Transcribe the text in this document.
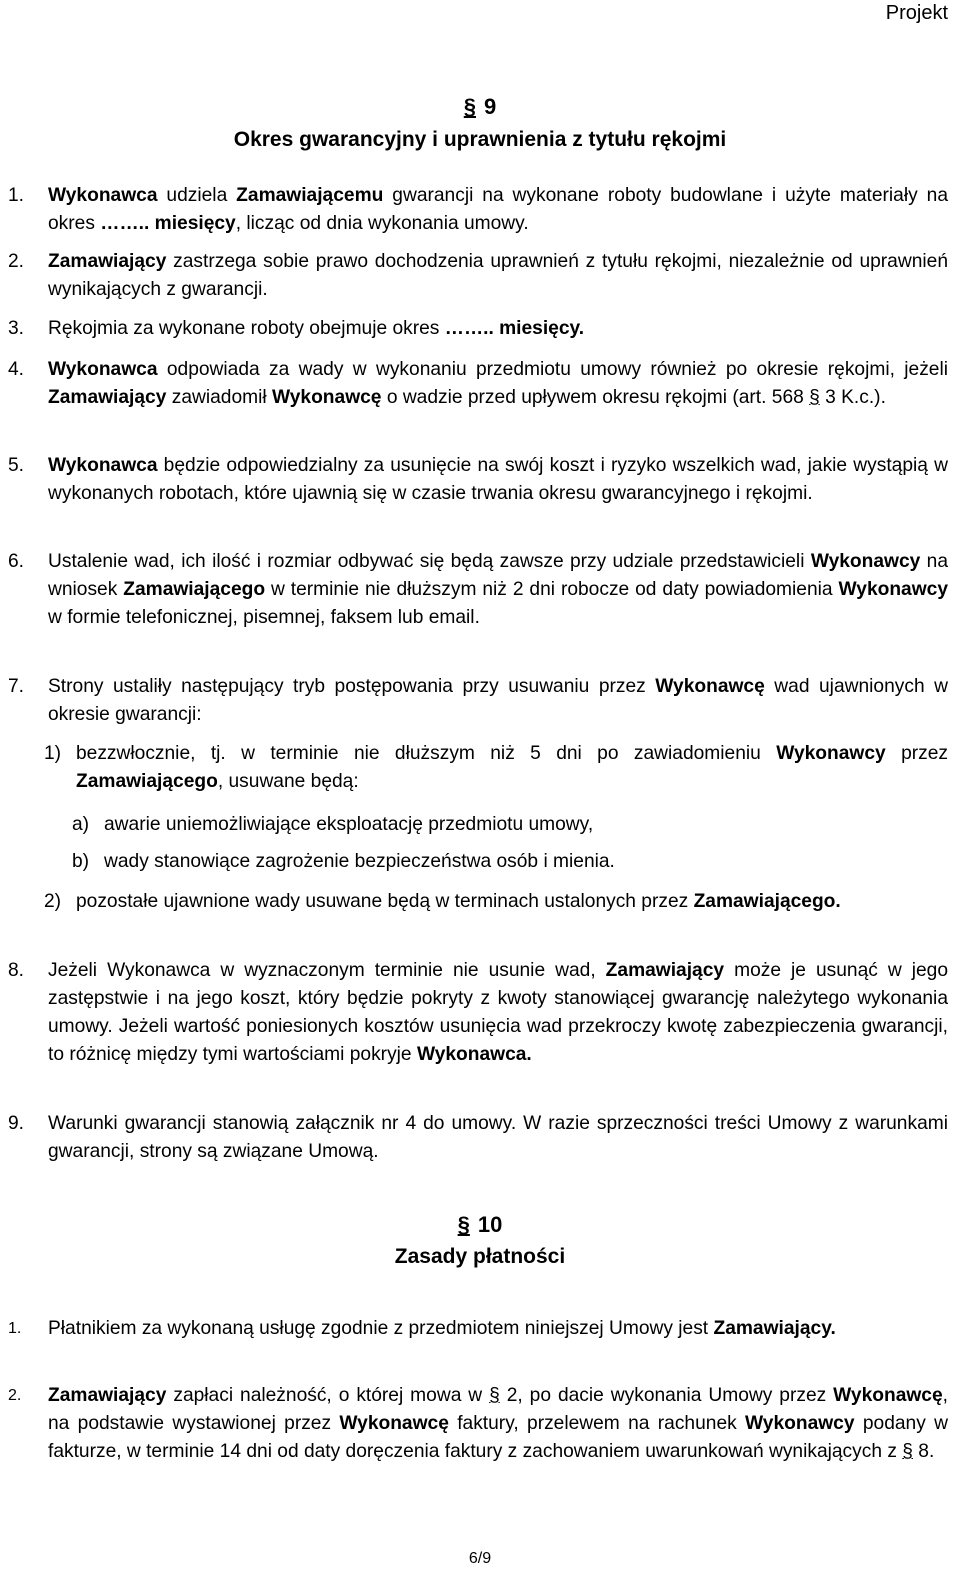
Projekt
§ 9
Okres gwarancyjny i uprawnienia z tytułu rękojmi
1. Wykonawca udziela Zamawiającemu gwarancji na wykonane roboty budowlane i użyte materiały na okres …….. miesięcy, licząc od dnia wykonania umowy.
2. Zamawiający zastrzega sobie prawo dochodzenia uprawnień z tytułu rękojmi, niezależnie od uprawnień wynikających z gwarancji.
3. Rękojmia za wykonane roboty obejmuje okres …….. miesięcy.
4. Wykonawca odpowiada za wady w wykonaniu przedmiotu umowy również po okresie rękojmi, jeżeli Zamawiający zawiadomił Wykonawcę o wadzie przed upływem okresu rękojmi (art. 568 § 3 K.c.).
5. Wykonawca będzie odpowiedzialny za usunięcie na swój koszt i ryzyko wszelkich wad, jakie wystąpią w wykonanych robotach, które ujawnią się w czasie trwania okresu gwarancyjnego i rękojmi.
6. Ustalenie wad, ich ilość i rozmiar odbywać się będą zawsze przy udziale przedstawicieli Wykonawcy na wniosek Zamawiającego w terminie nie dłuższym niż 2 dni robocze od daty powiadomienia Wykonawcy w formie telefonicznej, pisemnej, faksem lub email.
7. Strony ustaliły następujący tryb postępowania przy usuwaniu przez Wykonawcę wad ujawnionych w okresie gwarancji:
1) bezzwłocznie, tj. w terminie nie dłuższym niż 5 dni po zawiadomieniu Wykonawcy przez Zamawiającego, usuwane będą:
a) awarie uniemożliwiające eksploatację przedmiotu umowy,
b) wady stanowiące zagrożenie bezpieczeństwa osób i mienia.
2) pozostałe ujawnione wady usuwane będą w terminach ustalonych przez Zamawiającego.
8. Jeżeli Wykonawca w wyznaczonym terminie nie usunie wad, Zamawiający może je usunąć w jego zastępstwie i na jego koszt, który będzie pokryty z kwoty stanowiącej gwarancję należytego wykonania umowy. Jeżeli wartość poniesionych kosztów usunięcia wad przekroczy kwotę zabezpieczenia gwarancji, to różnicę między tymi wartościami pokryje Wykonawca.
9. Warunki gwarancji stanowią załącznik nr 4 do umowy. W razie sprzeczności treści Umowy z warunkami gwarancji, strony są związane Umową.
§ 10
Zasady płatności
1. Płatnikiem za wykonaną usługę zgodnie z przedmiotem niniejszej Umowy jest Zamawiający.
2. Zamawiający zapłaci należność, o której mowa w § 2, po dacie wykonania Umowy przez Wykonawcę, na podstawie wystawionej przez Wykonawcę faktury, przelewem na rachunek Wykonawcy podany w fakturze, w terminie 14 dni od daty doręczenia faktury z zachowaniem uwarunkowań wynikających z § 8.
6/9
